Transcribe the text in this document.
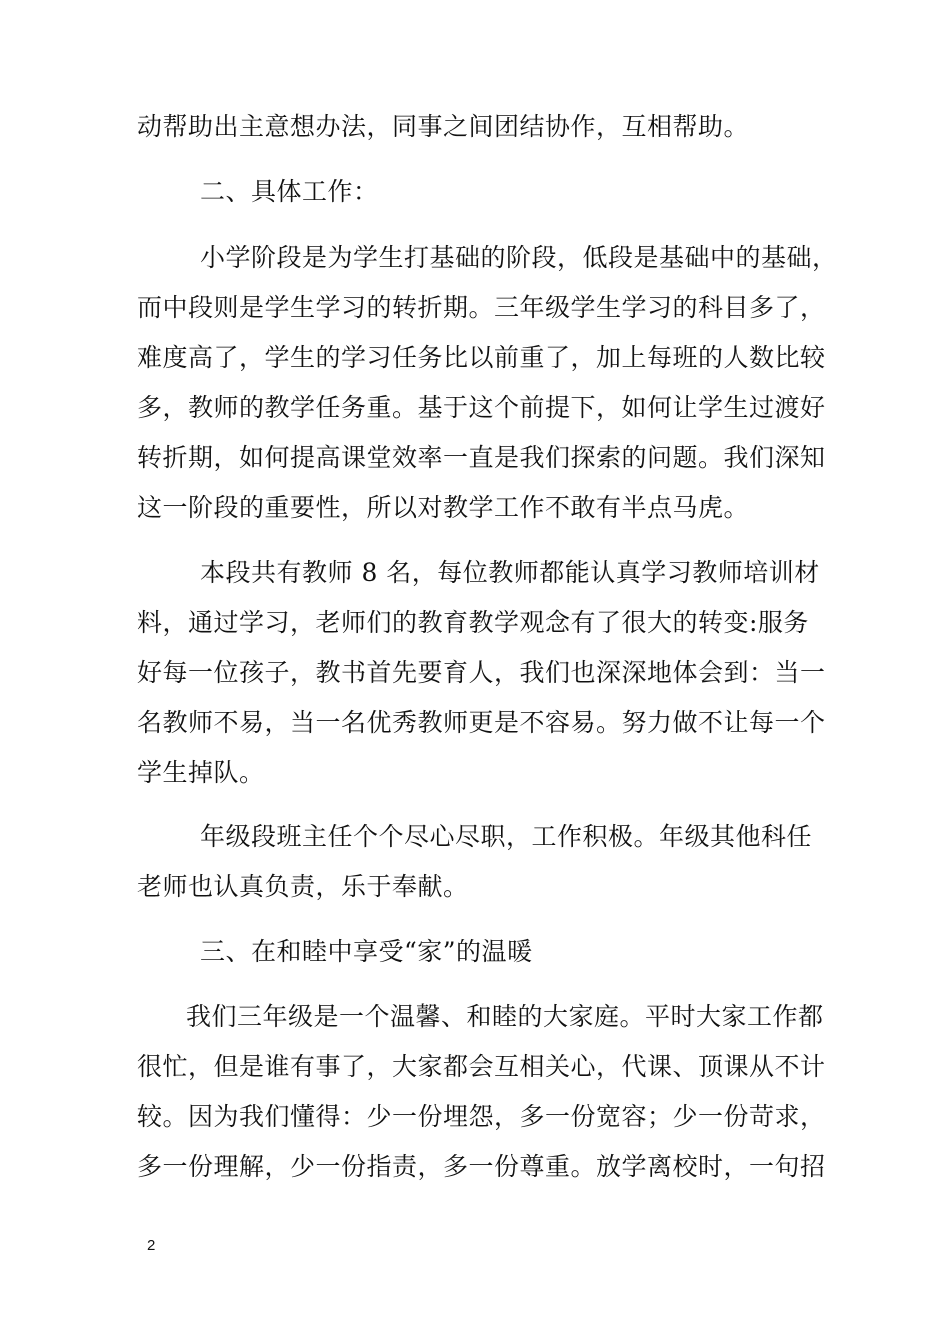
动帮助出主意想办法，同事之间团结协作，互相帮助。
二、具体工作：
小学阶段是为学生打基础的阶段，低段是基础中的基础，
而中段则是学生学习的转折期。三年级学生学习的科目多了，
难度高了，学生的学习任务比以前重了，加上每班的人数比较
多，教师的教学任务重。基于这个前提下，如何让学生过渡好
转折期，如何提高课堂效率一直是我们探索的问题。我们深知
这一阶段的重要性，所以对教学工作不敢有半点马虎。
本段共有教师 8 名，每位教师都能认真学习教师培训材
料，通过学习，老师们的教育教学观念有了很大的转变:服务
好每一位孩子，教书首先要育人，我们也深深地体会到：当一
名教师不易，当一名优秀教师更是不容易。努力做不让每一个
学生掉队。
年级段班主任个个尽心尽职，工作积极。年级其他科任
老师也认真负责，乐于奉献。
三、在和睦中享受“家”的温暖
我们三年级是一个温馨、和睦的大家庭。平时大家工作都
很忙，但是谁有事了，大家都会互相关心，代课、顶课从不计
较。因为我们懂得：少一份埋怨，多一份宽容；少一份苛求，
多一份理解，少一份指责，多一份尊重。放学离校时，一句招
2
